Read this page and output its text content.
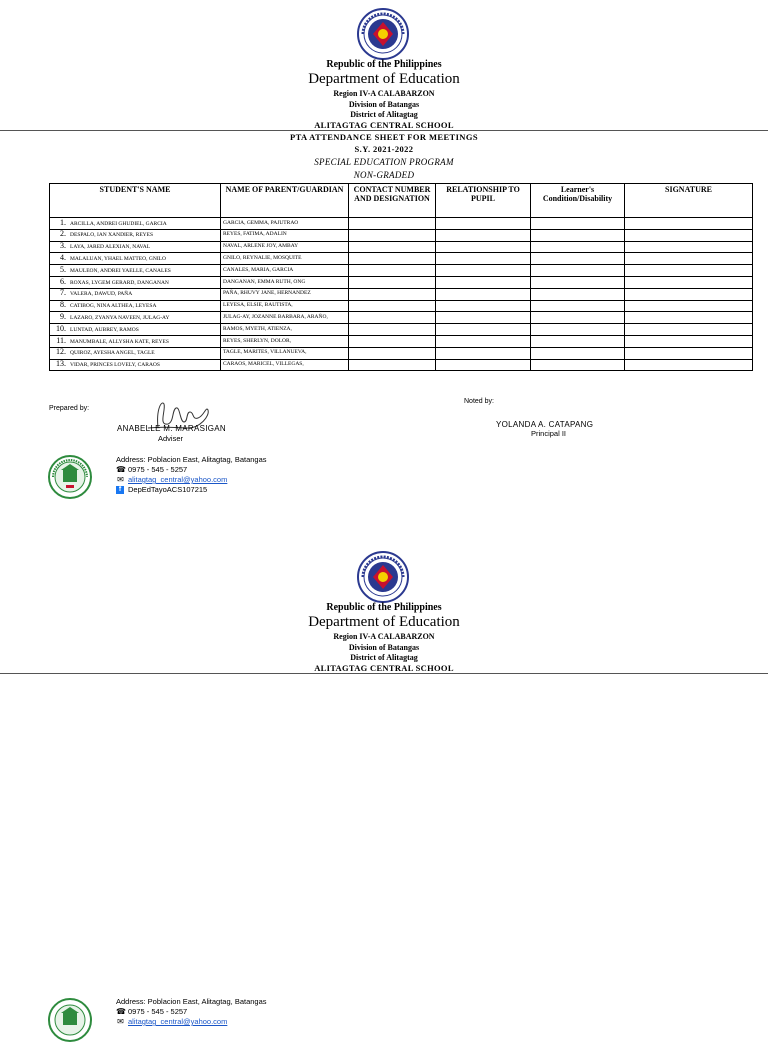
Republic of the Philippines
Department of Education
Region IV-A CALABARZON
Division of Batangas
District of Alitagtag
ALITAGTAG CENTRAL SCHOOL
PTA ATTENDANCE SHEET FOR MEETINGS
S.Y. 2021-2022
SPECIAL EDUCATION PROGRAM
NON-GRADED
STUDENT'S NAME	NAME OF PARENT/GUARDIAN	CONTACT NUMBER AND DESIGNATION	RELATIONSHIP TO PUPIL	Learner's Condition/Disability	SIGNATURE
1. ARCILLA, ANDREI GHUDIEL, GARCIA	GARCIA, GEMMA, PAJUTRAO				
2. DESPALO, IAN XANDIER, REYES	REYES, FATIMA, ADALIN				
3. LAYA, JARED ALEXIAN, NAVAL	NAVAL, ARLENE JOY, AMBAY				
4. MALALUAN, YHAEL MATTEO, GNILO	GNILO, REYNALIE, MOSQUITE				
5. MAULEON, ANDREI YAELLE, CANALES	CANALES, MARIA, GARCIA				
6. ROXAS, LYGEM GERARD, DANGANAN	DANGANAN, EMMA RUTH, ONG				
7. VALERA, DAWUD, PAÑA	PAÑA, RHUVY JANE, HERNANDEZ				
8. CATIBOG, NINA ALTHEA, LEYESA	LEYESA, ELSIE, BAUTISTA,				
9. LAZARO, ZYANYA NAVEEN, JULAG-AY	JULAG-AY, JOZANNE BARBARA, ARAÑO,				
10. LUNTAD, AUBREY, RAMOS	RAMOS, MYETH, ATIENZA,				
11. MANUMBALE, ALLYSHA KATE, REYES	REYES, SHERLYN, DOLOR,				
12. QUIROZ, AYESHA ANGEL, TAGLE	TAGLE, MARITES, VILLANUEVA,				
13. VIDAR, PRINCES LOVELY, CARAOS	CARAOS, MARICEL, VILLEGAS,				
Prepared by:
ANABELLE M. MARASIGAN
Adviser
Noted by:
YOLANDA A. CATAPANG
Principal II
Address: Poblacion East, Alitagtag, Batangas
☎ 0975 - 545 - 5257
✉ alitagtag_central@yahoo.com
f DepEdTayoACS107215
Republic of the Philippines
Department of Education
Region IV-A CALABARZON
Division of Batangas
District of Alitagtag
ALITAGTAG CENTRAL SCHOOL
Address: Poblacion East, Alitagtag, Batangas
☎ 0975 - 545 - 5257
✉ alitagtag_central@yahoo.com
